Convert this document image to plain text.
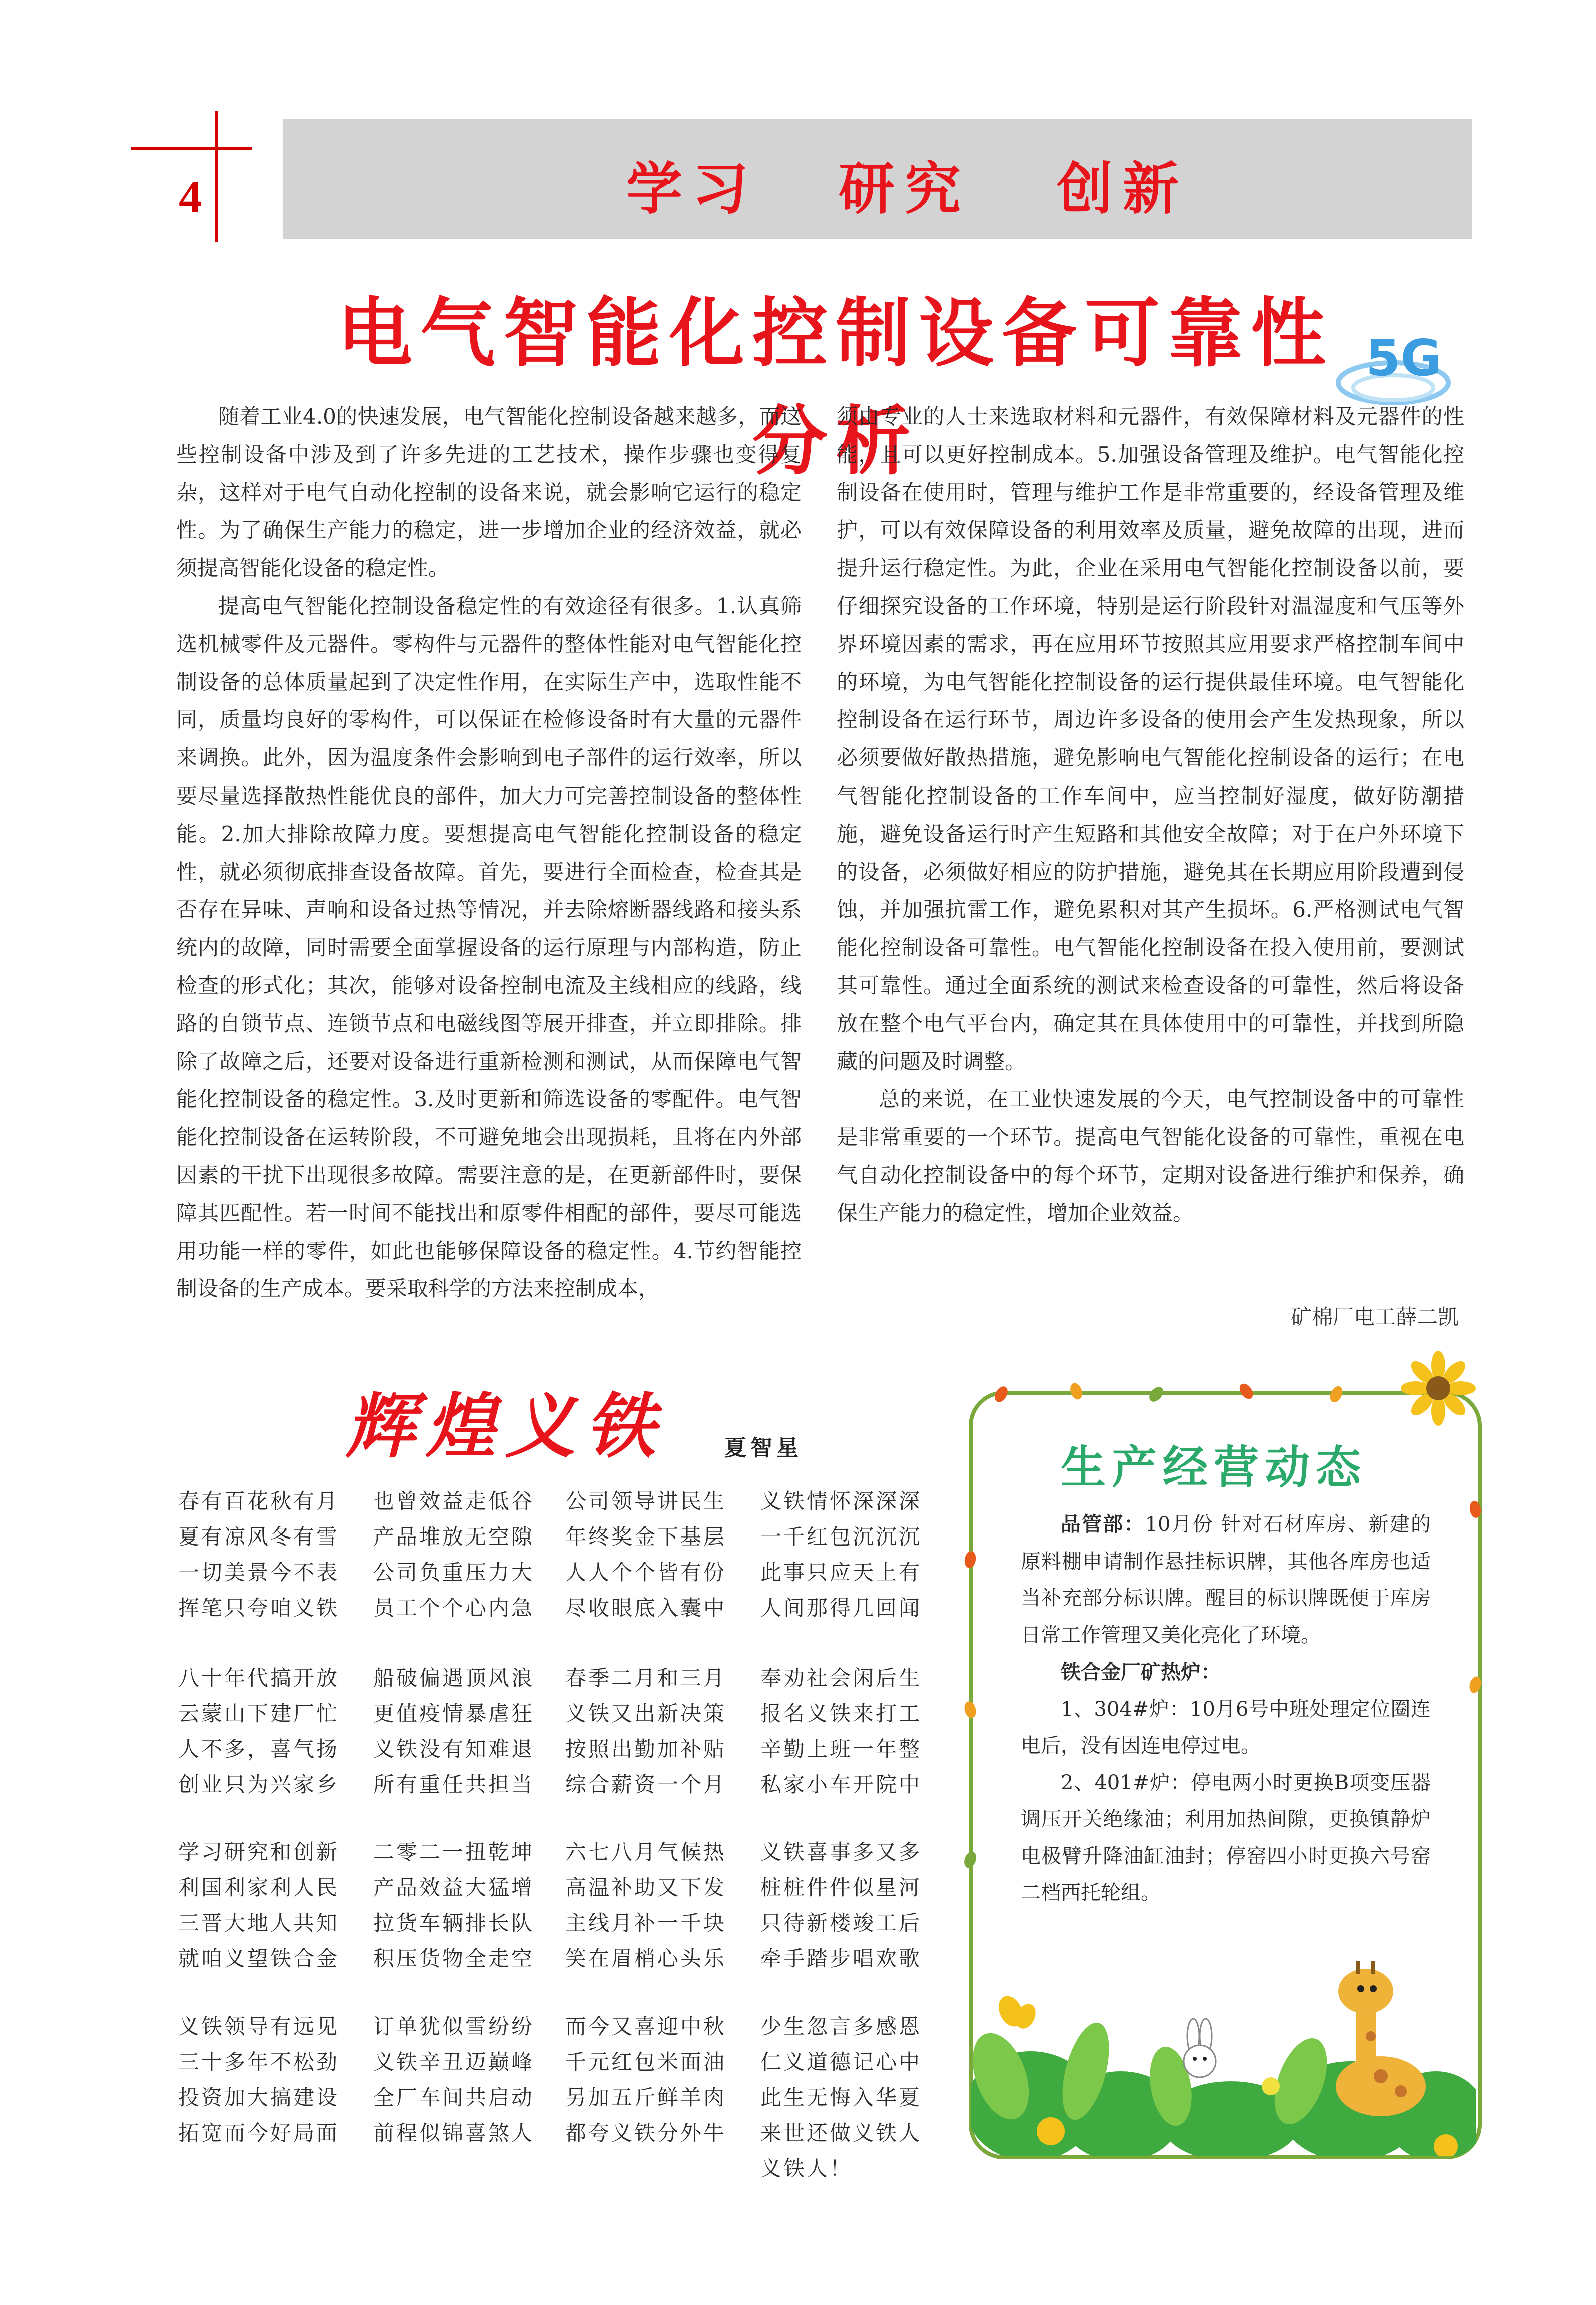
4	学习 研究 创新
电气智能化控制设备可靠性分析
5G

随着工业4.0的快速发展，电气智能化控制设备越来越多，而这些控制设备中涉及到了许多先进的工艺技术，操作步骤也变得复杂，这样对于电气自动化控制的设备来说，就会影响它运行的稳定性。为了确保生产能力的稳定，进一步增加企业的经济效益，就必须提高智能化设备的稳定性。

提高电气智能化控制设备稳定性的有效途径有很多。1.认真筛选机械零件及元器件。零构件与元器件的整体性能对电气智能化控制设备的总体质量起到了决定性作用，在实际生产中，选取性能不同，质量均良好的零构件，可以保证在检修设备时有大量的元器件来调换。此外，因为温度条件会影响到电子部件的运行效率，所以要尽量选择散热性能优良的部件，加大力可完善控制设备的整体性能。2.加大排除故障力度。要想提高电气智能化控制设备的稳定性，就必须彻底排查设备故障。首先，要进行全面检查，检查其是否存在异味、声响和设备过热等情况，并去除熔断器线路和接头系统内的故障，同时需要全面掌握设备的运行原理与内部构造，防止检查的形式化；其次，能够对设备控制电流及主线相应的线路，线路的自锁节点、连锁节点和电磁线图等展开排查，并立即排除。排除了故障之后，还要对设备进行重新检测和测试，从而保障电气智能化控制设备的稳定性。3.及时更新和筛选设备的零配件。电气智能化控制设备在运转阶段，不可避免地会出现损耗，且将在内外部因素的干扰下出现很多故障。需要注意的是，在更新部件时，要保障其匹配性。若一时间不能找出和原零件相配的部件，要尽可能选用功能一样的零件，如此也能够保障设备的稳定性。4.节约智能控制设备的生产成本。要采取科学的方法来控制成本，

须由专业的人士来选取材料和元器件，有效保障材料及元器件的性能，且可以更好控制成本。5.加强设备管理及维护。电气智能化控制设备在使用时，管理与维护工作是非常重要的，经设备管理及维护，可以有效保障设备的利用效率及质量，避免故障的出现，进而提升运行稳定性。为此，企业在采用电气智能化控制设备以前，要仔细探究设备的工作环境，特别是运行阶段针对温湿度和气压等外界环境因素的需求，再在应用环节按照其应用要求严格控制车间中的环境，为电气智能化控制设备的运行提供最佳环境。电气智能化控制设备在运行环节，周边许多设备的使用会产生发热现象，所以必须要做好散热措施，避免影响电气智能化控制设备的运行；在电气智能化控制设备的工作车间中，应当控制好湿度，做好防潮措施，避免设备运行时产生短路和其他安全故障；对于在户外环境下的设备，必须做好相应的防护措施，避免其在长期应用阶段遭到侵蚀，并加强抗雷工作，避免累积对其产生损坏。6.严格测试电气智能化控制设备可靠性。电气智能化控制设备在投入使用前，要测试其可靠性。通过全面系统的测试来检查设备的可靠性，然后将设备放在整个电气平台内，确定其在具体使用中的可靠性，并找到所隐藏的问题及时调整。

总的来说，在工业快速发展的今天，电气控制设备中的可靠性是非常重要的一个环节。提高电气智能化设备的可靠性，重视在电气自动化控制设备中的每个环节，定期对设备进行维护和保养，确保生产能力的稳定性，增加企业效益。

矿棉厂电工薛二凯
辉煌义铁	夏智星
春有百花秋有月
夏有凉风冬有雪
一切美景今不表
挥笔只夸咱义铁
也曾效益走低谷
产品堆放无空隙
公司负重压力大
员工个个心内急
公司领导讲民生
年终奖金下基层
人人个个皆有份
尽收眼底入囊中
义铁情怀深深深
一千红包沉沉沉
此事只应天上有
人间那得几回闻
八十年代搞开放
云蒙山下建厂忙
人不多，喜气扬
创业只为兴家乡
船破偏遇顶风浪
更值疫情暴虐狂
义铁没有知难退
所有重任共担当
春季二月和三月
义铁又出新决策
按照出勤加补贴
综合薪资一个月
奉劝社会闲后生
报名义铁来打工
辛勤上班一年整
私家小车开院中
学习研究和创新
利国利家利人民
三晋大地人共知
就咱义望铁合金
二零二一扭乾坤
产品效益大猛增
拉货车辆排长队
积压货物全走空
六七八月气候热
高温补助又下发
主线月补一千块
笑在眉梢心头乐
义铁喜事多又多
桩桩件件似星河
只待新楼竣工后
牵手踏步唱欢歌
义铁领导有远见
三十多年不松劲
投资加大搞建设
拓宽而今好局面
订单犹似雪纷纷
义铁辛丑迈巅峰
全厂车间共启动
前程似锦喜煞人
而今又喜迎中秋
千元红包米面油
另加五斤鲜羊肉
都夸义铁分外牛
少生忽言多感恩
仁义道德记心中
此生无悔入华夏
来世还做义铁人
义铁人！
生产经营动态

品管部：10月份 针对石材库房、新建的原料棚申请制作悬挂标识牌，其他各库房也适当补充部分标识牌。醒目的标识牌既便于库房日常工作管理又美化亮化了环境。

铁合金厂矿热炉：

1、304#炉：10月6号中班处理定位圈连电后，没有因连电停过电。

2、401#炉：停电两小时更换B项变压器调压开关绝缘油；利用加热间隙，更换镇静炉电极臂升降油缸油封；停窑四小时更换六号窑二档西托轮组。
